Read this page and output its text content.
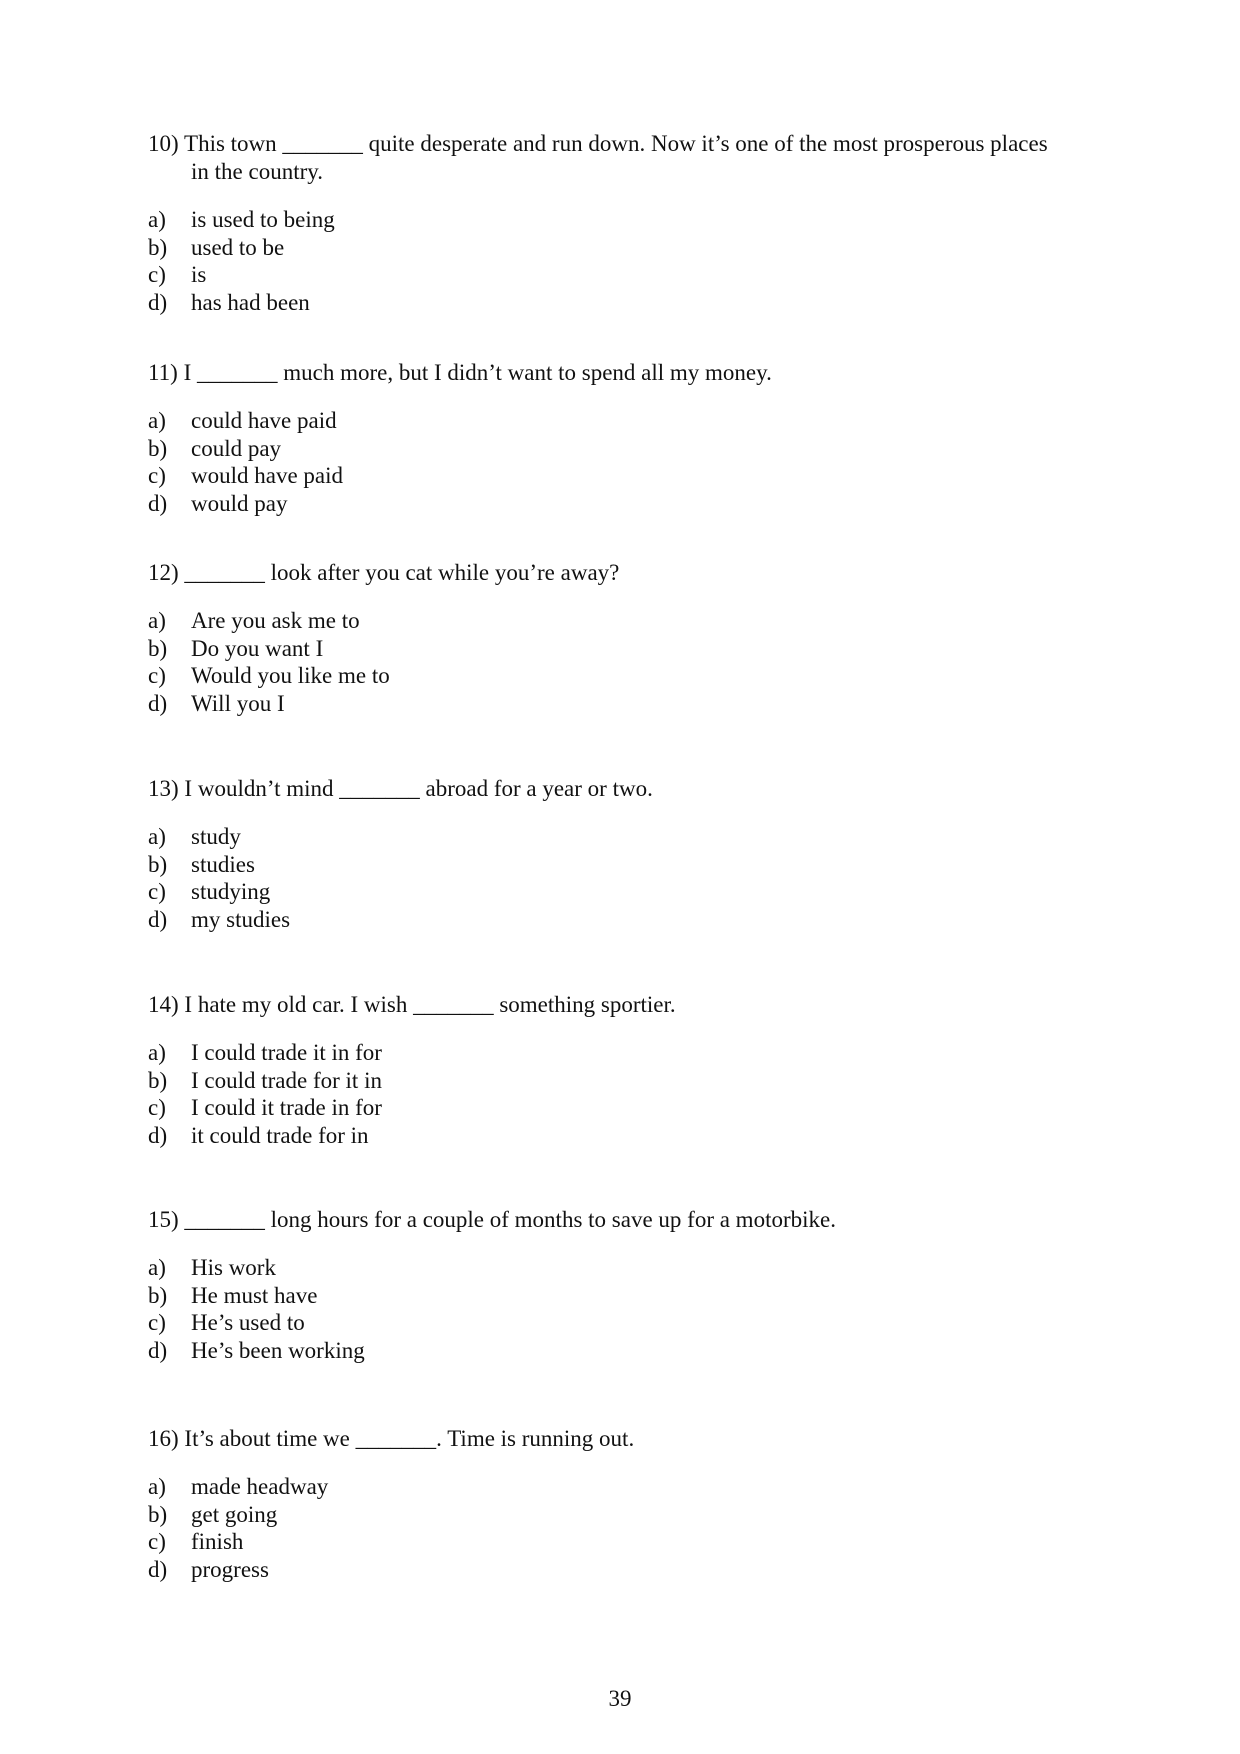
10) This town _______ quite desperate and run down. Now it’s one of the most prosperous places
in the country.

a)	is used to being
b)	used to be
c)	is
d)	has had been

11) I _______ much more, but I didn’t want to spend all my money.

a)	could have paid
b)	could pay
c)	would have paid
d)	would pay

12) _______ look after you cat while you’re away?

a)	Are you ask me to
b)	Do you want I
c)	Would you like me to
d)	Will you I

13) I wouldn’t mind _______ abroad for a year or two.

a)	study
b)	studies
c)	studying
d)	my studies

14) I hate my old car. I wish _______ something sportier.

a)	I could trade it in for
b)	I could trade for it in
c)	I could it trade in for
d)	it could trade for in

15) _______ long hours for a couple of months to save up for a motorbike.

a)	His work
b)	He must have
c)	He’s used to
d)	He’s been working

16) It’s about time we _______. Time is running out.

a)	made headway
b)	get going
c)	finish
d)	progress
39
